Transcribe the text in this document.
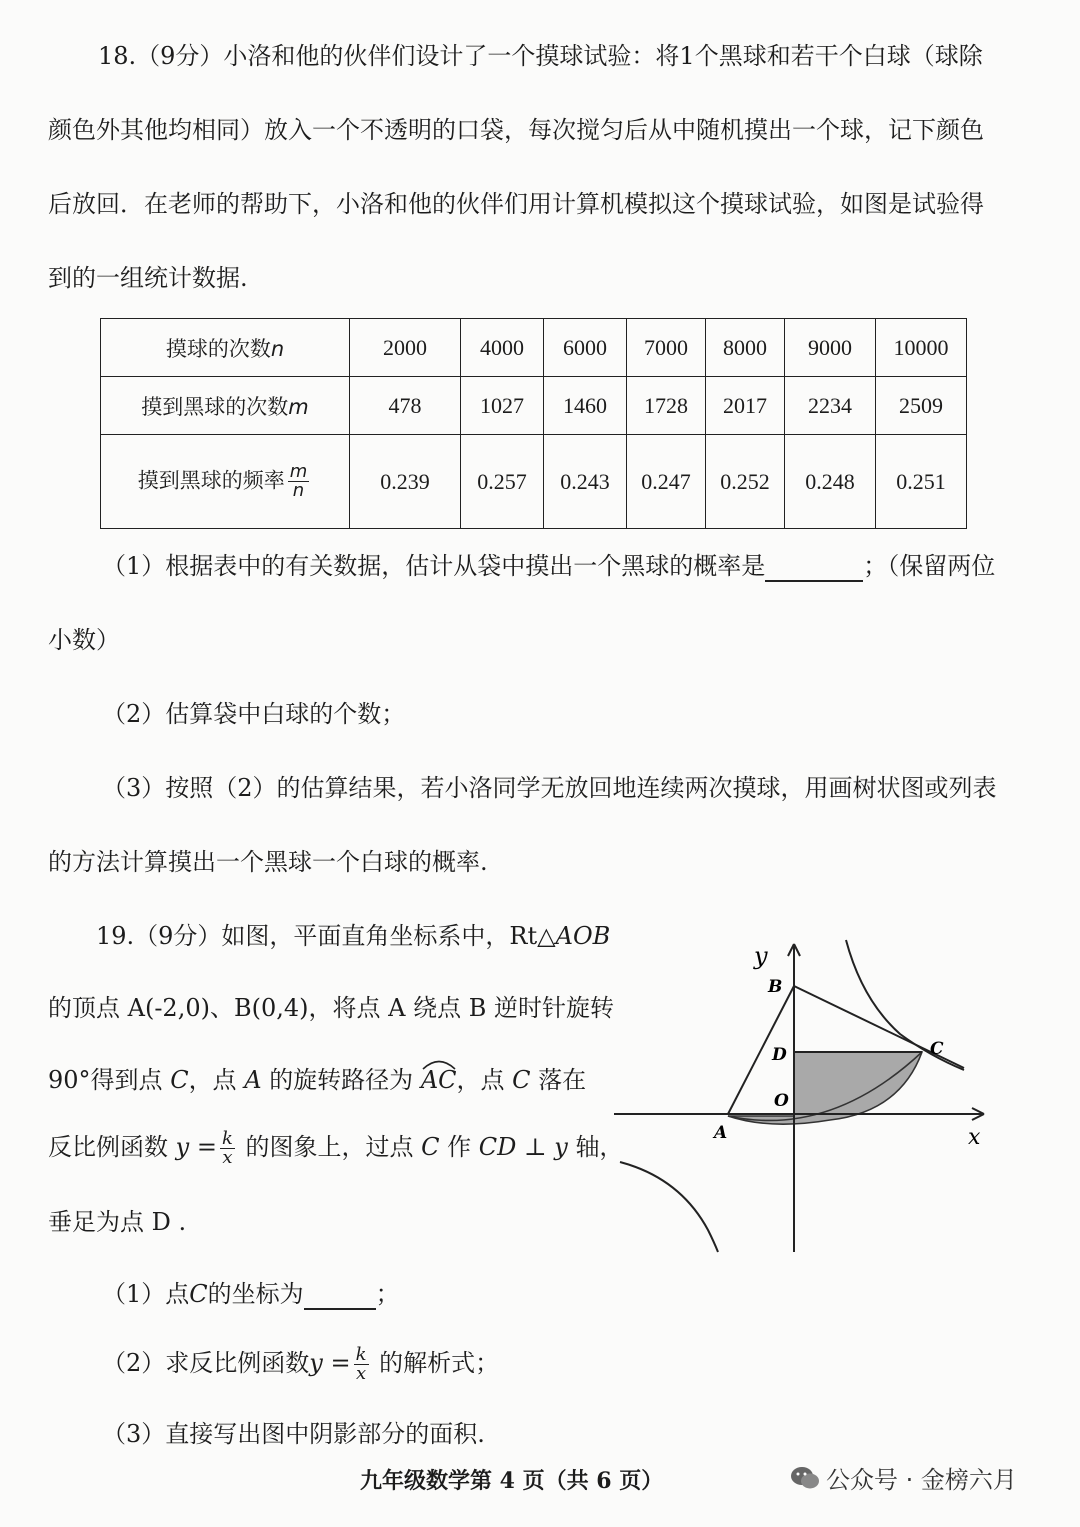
18.（9分）小洛和他的伙伴们设计了一个摸球试验：将1个黑球和若干个白球（球除
颜色外其他均相同）放入一个不透明的口袋，每次搅匀后从中随机摸出一个球，记下颜色
后放回．在老师的帮助下，小洛和他的伙伴们用计算机模拟这个摸球试验，如图是试验得
到的一组统计数据.
摸球的次数n	2000	4000	6000	7000	8000	9000	10000
摸到黑球的次数m	478	1027	1460	1728	2017	2234	2509
摸到黑球的频率 $\frac{m}{n}$	0.239	0.257	0.243	0.247	0.252	0.248	0.251
（1）根据表中的有关数据，估计从袋中摸出一个黑球的概率是	；（保留两位
小数）
（2）估算袋中白球的个数；
（3）按照（2）的估算结果，若小洛同学无放回地连续两次摸球，用画树状图或列表
的方法计算摸出一个黑球一个白球的概率.
19.（9分）如图，平面直角坐标系中，Rt△AOB
的顶点 A(-2,0)、B(0,4)，将点 A 绕点 B 逆时针旋转
90°得到点 C，点 A 的旋转路径为 AC，点 C 落在
反比例函数 $y = \frac{k}{x}$ 的图象上，过点 C 作 CD ⊥ y 轴，
垂足为点 D .
（1）点C的坐标为	；
（2）求反比例函数$y = \frac{k}{x}$ 的解析式；
（3）直接写出图中阴影部分的面积.
y
B
C
D
O
A	x
九年级数学第 4 页（共 6 页）	公众号 · 金榜六月
